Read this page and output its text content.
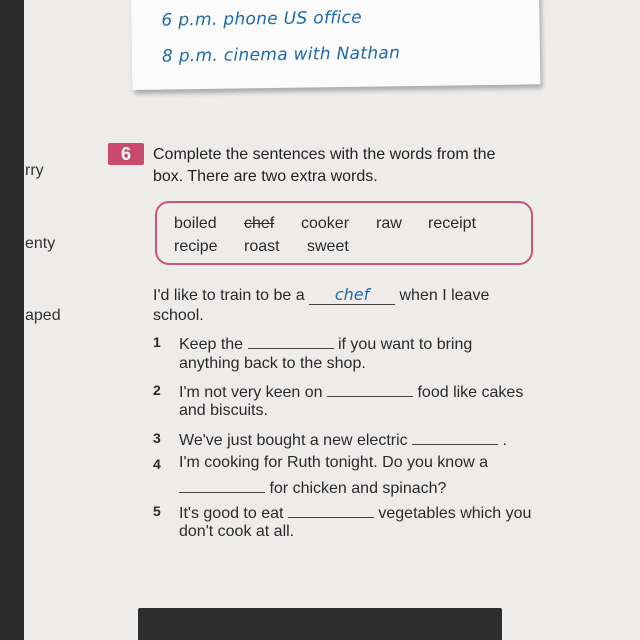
rry
enty
aped
6 p.m. phone US office
8 p.m. cinema with Nathan
6	Complete the sentences with the words from the
box. There are two extra words.
boiled chef cooker raw receipt
recipe roast sweet
I'd like to train to be a chef when I leave
school.
1 Keep the	if you want to bring
anything back to the shop.
2 I'm not very keen on	food like cakes
and biscuits.
3 We've just bought a new electric	.
4 I'm cooking for Ruth tonight. Do you know a
for chicken and spinach?
5 It's good to eat	vegetables which you
don't cook at all.
